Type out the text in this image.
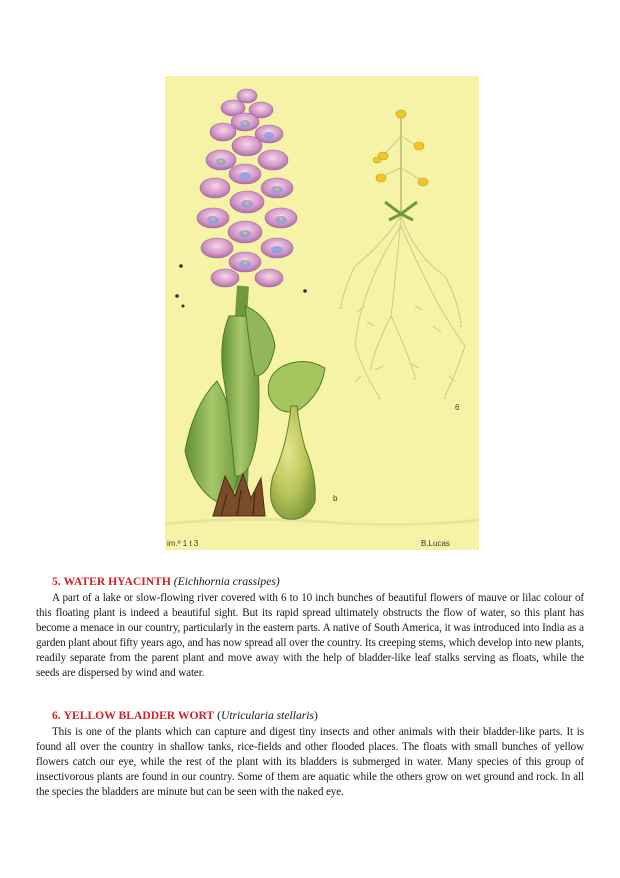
b
6
im.º 1 t 3	B.Lucas

5. WATER HYACINTH (Eichhornia crassipes)

A part of a lake or slow-flowing river covered with 6 to 10 inch bunches of beautiful flowers of mauve or lilac colour of this floating plant is indeed a beautiful sight. But its rapid spread ultimately obstructs the flow of water, so this plant has become a menace in our country, particularly in the eastern parts. A native of South America, it was introduced into India as a garden plant about fifty years ago, and has now spread all over the country. Its creeping stems, which develop into new plants, readily separate from the parent plant and move away with the help of bladder-like leaf stalks serving as floats, while the seeds are dispersed by wind and water.

6. YELLOW BLADDER WORT (Utricularia stellaris)

This is one of the plants which can capture and digest tiny insects and other animals with their bladder-like parts. It is found all over the country in shallow tanks, rice-fields and other flooded places. The floats with small bunches of yellow flowers catch our eye, while the rest of the plant with its bladders is submerged in water. Many species of this group of insectivorous plants are found in our country. Some of them are aquatic while the others grow on wet ground and rock. In all the species the bladders are minute but can be seen with the naked eye.
